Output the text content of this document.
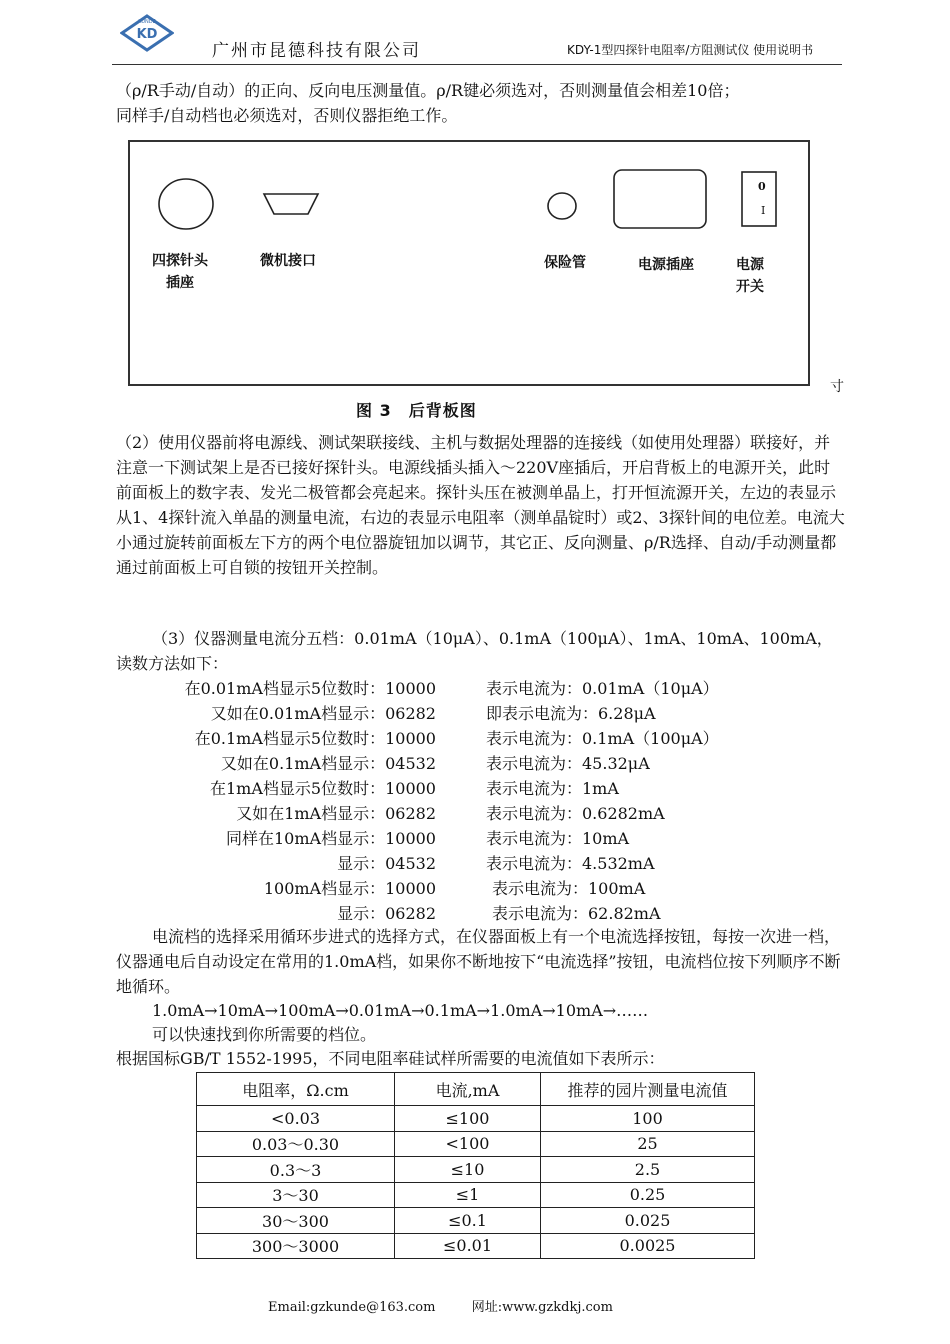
KD
KUNDE
广州市昆德科技有限公司	KDY-1型四探针电阻率/方阻测试仪 使用说明书

（ρ/R手动/自动）的正向、反向电压测量值。ρ/R键必须选对，否则测量值会相差10倍；

同样手/自动档也必须选对，否则仪器拒绝工作。

0
I
四探针头
插座
微机接口	保险管	电源插座	电源
开关
寸
图 3　后背板图

（2）使用仪器前将电源线、测试架联接线、主机与数据处理器的连接线（如使用处理器）联接好，并注意一下测试架上是否已接好探针头。电源线插头插入～220V座插后，开启背板上的电源开关，此时前面板上的数字表、发光二极管都会亮起来。探针头压在被测单晶上，打开恒流源开关，左边的表显示从1、4探针流入单晶的测量电流，右边的表显示电阻率（测单晶锭时）或2、3探针间的电位差。电流大小通过旋转前面板左下方的两个电位器旋钮加以调节，其它正、反向测量、ρ/R选择、自动/手动测量都通过前面板上可自锁的按钮开关控制。

（3）仪器测量电流分五档：0.01mA（10μA）、0.1mA（100μA）、1mA、10mA、100mA，读数方法如下：

在0.01mA档显示5位数时：10000	表示电流为：0.01mA（10μA）
又如在0.01mA档显示：06282	即表示电流为：6.28μA
在0.1mA档显示5位数时：10000	表示电流为：0.1mA（100μA）
又如在0.1mA档显示：04532	表示电流为：45.32μA
在1mA档显示5位数时：10000	表示电流为：1mA
又如在1mA档显示：06282	表示电流为：0.6282mA
同样在10mA档显示：10000	表示电流为：10mA
显示：04532	表示电流为：4.532mA
100mA档显示：10000	表示电流为：100mA
显示：06282	表示电流为：62.82mA

电流档的选择采用循环步进式的选择方式，在仪器面板上有一个电流选择按钮，每按一次进一档，仪器通电后自动设定在常用的1.0mA档，如果你不断地按下“电流选择”按钮，电流档位按下列顺序不断地循环。

1.0mA→10mA→100mA→0.01mA→0.1mA→1.0mA→10mA→……
可以快速找到你所需要的档位。
根据国标GB/T 1552-1995，不同电阻率硅试样所需要的电流值如下表所示：
电阻率，Ω.cm	电流,mA	推荐的园片测量电流值
<0.03	≤100	100
0.03～0.30	<100	25
0.3～3	≤10	2.5
3～30	≤1	0.25
30～300	≤0.1	0.025
300～3000	≤0.01	0.0025
Email:gzkunde@163.com	网址:www.gzkdkj.com
